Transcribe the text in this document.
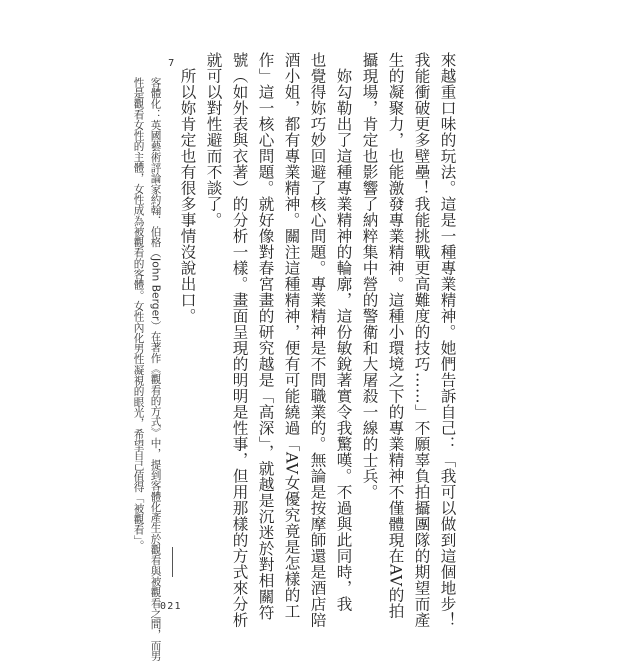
來越重口味的玩法。這是一種專業精神。她們告訴自己：「我可以做到這個地步！
我能衝破更多壁壘！我能挑戰更高難度的技巧……」不願辜負拍攝團隊的期望而產
生的凝聚力，也能激發專業精神。這種小環境之下的專業精神不僅體現在AV的拍
攝現場，肯定也影響了納粹集中營的警衛和大屠殺一線的士兵。
妳勾勒出了這種專業精神的輪廓，這份敏銳著實令我驚嘆。不過與此同時，我
也覺得妳巧妙回避了核心問題。專業精神是不問職業的。無論是按摩師還是酒店陪
酒小姐，都有專業精神。關注這種精神，便有可能繞過「AV女優究竟是怎樣的工
作」這一核心問題。就好像對春宮畫的研究越是「高深」，就越是沉迷於對相關符
號（如外表與衣著）的分析一樣。畫面呈現的明明是性事，但用那樣的方式來分析
就可以對性避而不談了。
所以妳肯定也有很多事情沒說出口。
7
客體化：英國藝術評論家約翰．伯格（John Berger）在著作《觀看的方式》中，提到客體化產生於觀看與被觀看之間，而男
性是觀看女性的主體，女性成為被觀看的客體。女性內化男性凝視的眼光，希望自己值得「被觀看」。
021
